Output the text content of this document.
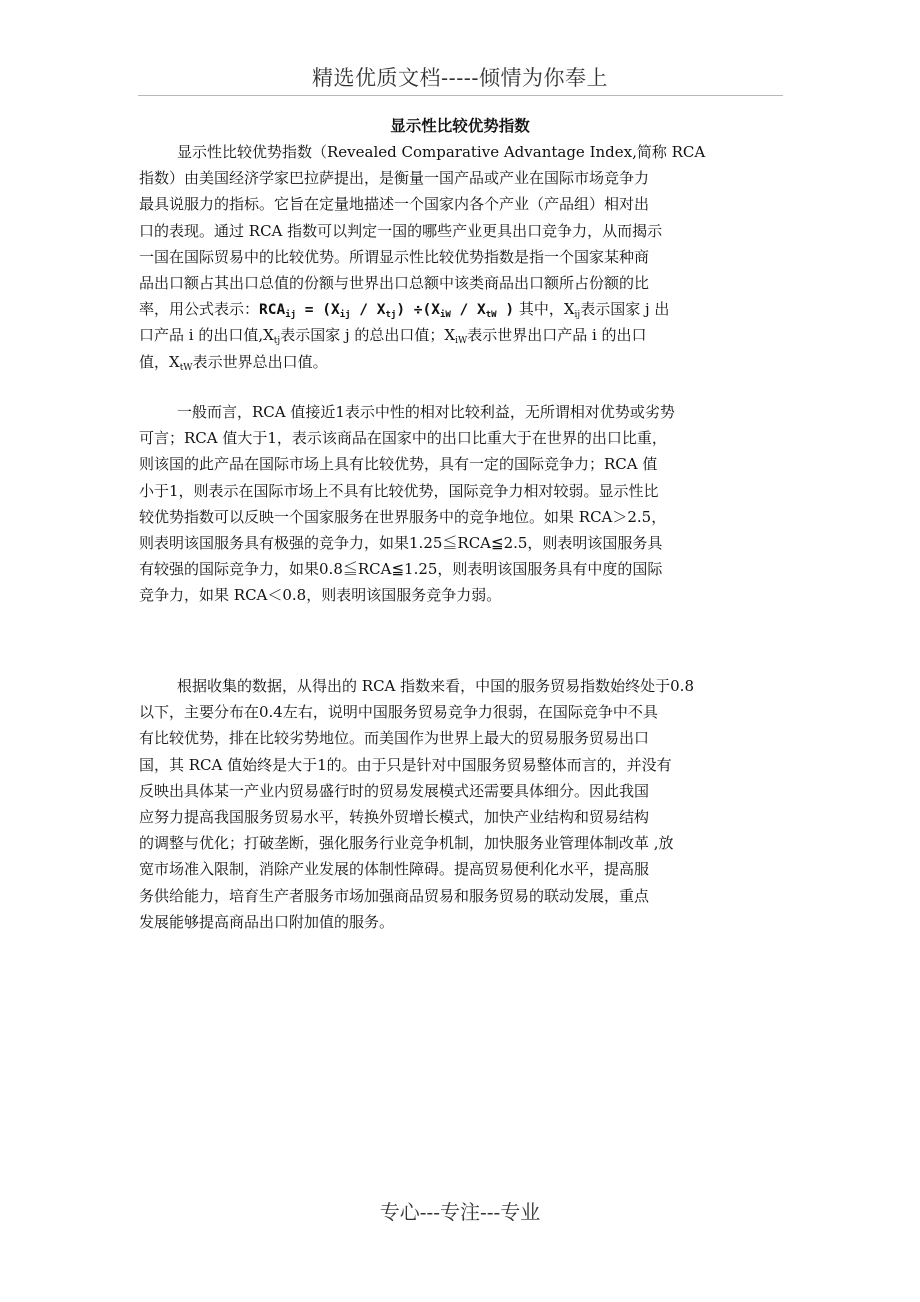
精选优质文档-----倾情为你奉上
显示性比较优势指数
显示性比较优势指数（Revealed Comparative Advantage Index,简称 RCA
指数）由美国经济学家巴拉萨提出，是衡量一国产品或产业在国际市场竞争力
最具说服力的指标。它旨在定量地描述一个国家内各个产业（产品组）相对出
口的表现。通过 RCA 指数可以判定一国的哪些产业更具出口竞争力，从而揭示
一国在国际贸易中的比较优势。所谓显示性比较优势指数是指一个国家某种商
品出口额占其出口总值的份额与世界出口总额中该类商品出口额所占份额的比
率，用公式表示：$RCA_{ij} = (X_{ij} / X_{tj}) \div(X_{iW} / X_{tW}$ ) 其中，$X_{ij}$表示国家 j 出
口产品 i 的出口值$,X_{tj}$表示国家 j 的总出口值；$X_{iW}$表示世界出口产品 i 的出口
值，$X_{tW}$表示世界总出口值。
一般而言，RCA 值接近1表示中性的相对比较利益，无所谓相对优势或劣势
可言；RCA 值大于1，表示该商品在国家中的出口比重大于在世界的出口比重，
则该国的此产品在国际市场上具有比较优势，具有一定的国际竞争力；RCA 值
小于1，则表示在国际市场上不具有比较优势，国际竞争力相对较弱。显示性比
较优势指数可以反映一个国家服务在世界服务中的竞争地位。如果 RCA＞2.5，
则表明该国服务具有极强的竞争力，如果1.25≦RCA≦2.5，则表明该国服务具
有较强的国际竞争力，如果0.8≦RCA≦1.25，则表明该国服务具有中度的国际
竞争力，如果 RCA＜0.8，则表明该国服务竞争力弱。
根据收集的数据，从得出的 RCA 指数来看，中国的服务贸易指数始终处于0.8
以下，主要分布在0.4左右，说明中国服务贸易竞争力很弱，在国际竞争中不具
有比较优势，排在比较劣势地位。而美国作为世界上最大的贸易服务贸易出口
国，其 RCA 值始终是大于1的。由于只是针对中国服务贸易整体而言的，并没有
反映出具体某一产业内贸易盛行时的贸易发展模式还需要具体细分。因此我国
应努力提高我国服务贸易水平，转换外贸增长模式，加快产业结构和贸易结构
的调整与优化；打破垄断，强化服务行业竞争机制，加快服务业管理体制改革 ,放
宽市场准入限制，消除产业发展的体制性障碍。提高贸易便利化水平，提高服
务供给能力，培育生产者服务市场加强商品贸易和服务贸易的联动发展，重点
发展能够提高商品出口附加值的服务。
专心---专注---专业
